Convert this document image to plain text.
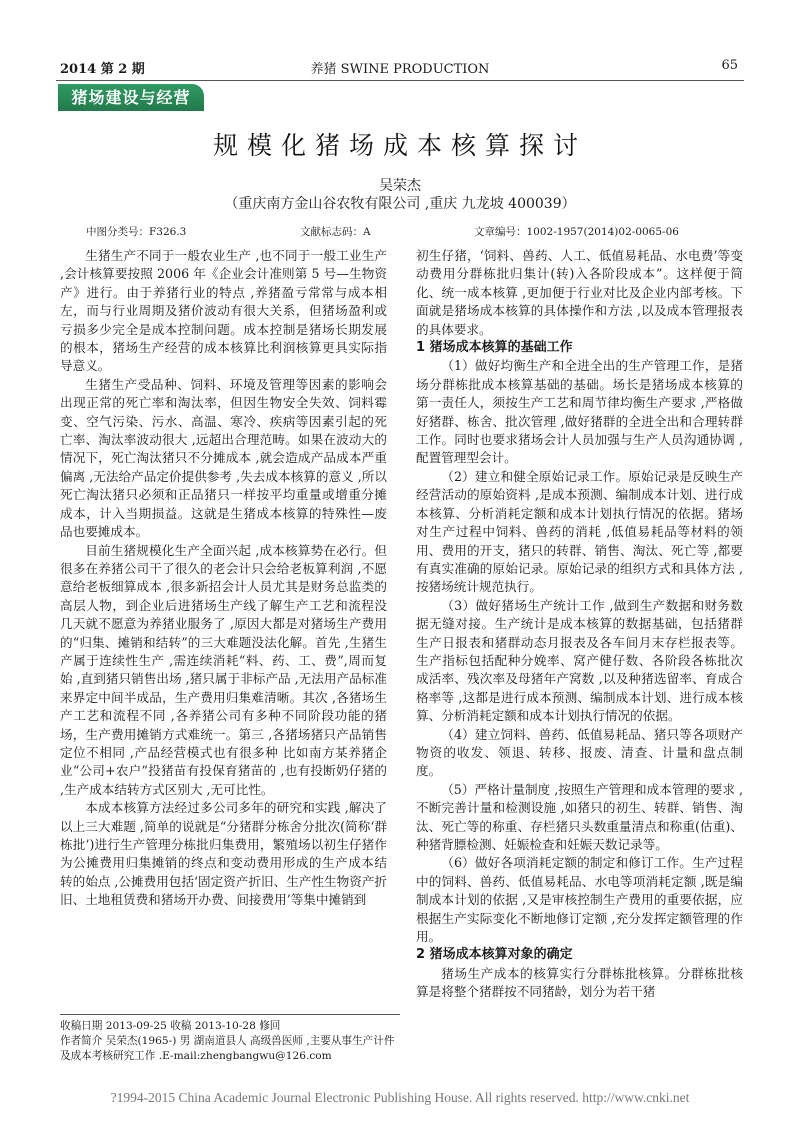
2014 第 2 期	养猪 SWINE PRODUCTION	65
猪场建设与经营
规模化猪场成本核算探讨
吴荣杰
（重庆南方金山谷农牧有限公司 ,重庆 九龙坡 400039）
中图分类号：F326.3	文献标志码：A	文章编号：1002-1957(2014)02-0065-06

生猪生产不同于一般农业生产 ,也不同于一般工业生产 ,会计核算要按照 2006 年《企业会计准则第 5 号—生物资产》进行。由于养猪行业的特点 ,养猪盈亏常常与成本相左，而与行业周期及猪价波动有很大关系，但猪场盈利或亏损多少完全是成本控制问题。成本控制是猪场长期发展的根本，猪场生产经营的成本核算比利润核算更具实际指导意义。

生猪生产受品种、饲料、环境及管理等因素的影响会出现正常的死亡率和淘汰率，但因生物安全失效、饲料霉变、空气污染、污水、高温、寒冷、疾病等因素引起的死亡率、淘汰率波动很大 ,远超出合理范畴。如果在波动大的情况下，死亡淘汰猪只不分摊成本 ,就会造成产品成本严重偏离 ,无法给产品定价提供参考 ,失去成本核算的意义 ,所以死亡淘汰猪只必须和正品猪只一样按平均重量或增重分摊成本，计入当期损益。这就是生猪成本核算的特殊性—废品也要摊成本。

目前生猪规模化生产全面兴起 ,成本核算势在必行。但很多在养猪公司干了很久的老会计只会给老板算利润 ,不愿意给老板细算成本 ,很多新招会计人员尤其是财务总监类的高层人物，到企业后进猪场生产线了解生产工艺和流程没几天就不愿意为养猪业服务了 ,原因大都是对猪场生产费用的“归集、摊销和结转”的三大难题没法化解。首先 ,生猪生产属于连续性生产 ,需连续消耗“料、药、工、费”,周而复始 ,直到猪只销售出场 ,猪只属于非标产品 ,无法用产品标准来界定中间半成品，生产费用归集难清晰。其次 ,各猪场生产工艺和流程不同 ,各养猪公司有多种不同阶段功能的猪场，生产费用摊销方式难统一。第三 ,各猪场猪只产品销售定位不相同 ,产品经营模式也有很多种 比如南方某养猪企业“公司+农户”投猪苗有投保育猪苗的 ,也有投断奶仔猪的 ,生产成本结转方式区别大 ,无可比性。

本成本核算方法经过多公司多年的研究和实践 ,解决了以上三大难题 ,简单的说就是“分猪群分栋舍分批次(简称‘群栋批’)进行生产管理分栋批归集费用，繁殖场以初生仔猪作为公摊费用归集摊销的终点和变动费用形成的生产成本结转的始点 ,公摊费用包括‘固定资产折旧、生产性生物资产折旧、土地租赁费和猪场开办费、间接费用’等集中摊销到

初生仔猪，‘饲料、兽药、人工、低值易耗品、水电费’等变动费用分群栋批归集计(转)入各阶段成本”。这样便于简化、统一成本核算 ,更加便于行业对比及企业内部考核。下面就是猪场成本核算的具体操作和方法 ,以及成本管理报表的具体要求。

1 猪场成本核算的基础工作

（1）做好均衡生产和全进全出的生产管理工作，是猪场分群栋批成本核算基础的基础。场长是猪场成本核算的第一责任人，须按生产工艺和周节律均衡生产要求 ,严格做好猪群、栋舍、批次管理 ,做好猪群的全进全出和合理转群工作。同时也要求猪场会计人员加强与生产人员沟通协调 ,配置管理型会计。

（2）建立和健全原始记录工作。原始记录是反映生产经营活动的原始资料 ,是成本预测、编制成本计划、进行成本核算、分析消耗定额和成本计划执行情况的依据。猪场对生产过程中饲料、兽药的消耗 ,低值易耗品等材料的领用、费用的开支，猪只的转群、销售、淘汰、死亡等 ,都要有真实准确的原始记录。原始记录的组织方式和具体方法 ,按猪场统计规范执行。

（3）做好猪场生产统计工作 ,做到生产数据和财务数据无缝对接。生产统计是成本核算的数据基础，包括猪群生产日报表和猪群动态月报表及各车间月末存栏报表等。生产指标包括配种分娩率、窝产健仔数、各阶段各栋批次成活率、残次率及母猪年产窝数 ,以及种猪选留率、育成合格率等 ,这都是进行成本预测、编制成本计划、进行成本核算、分析消耗定额和成本计划执行情况的依据。

（4）建立饲料、兽药、低值易耗品、猪只等各项财产物资的收发、领退、转移、报废、清查、计量和盘点制度。

（5）严格计量制度 ,按照生产管理和成本管理的要求 ,不断完善计量和检测设施 ,如猪只的初生、转群、销售、淘汰、死亡等的称重、存栏猪只头数重量清点和称重(估重)、种猪背膘检测、妊娠检查和妊娠天数记录等。

（6）做好各项消耗定额的制定和修订工作。生产过程中的饲料、兽药、低值易耗品、水电等项消耗定额 ,既是编制成本计划的依据 ,又是审核控制生产费用的重要依据，应根据生产实际变化不断地修订定额 ,充分发挥定额管理的作用。

2 猪场成本核算对象的确定

猪场生产成本的核算实行分群栋批核算。分群栋批核算是将整个猪群按不同猪龄，划分为若干猪

收稿日期 2013-09-25 收稿 2013-10-28 修回
作者简介 吴荣杰(1965-) 男 湖南道县人 高级兽医师 ,主要从事生产计件及成本考核研究工作 .E-mail:zhengbangwu@126.com
?1994-2015 China Academic Journal Electronic Publishing House. All rights reserved. http://www.cnki.net
